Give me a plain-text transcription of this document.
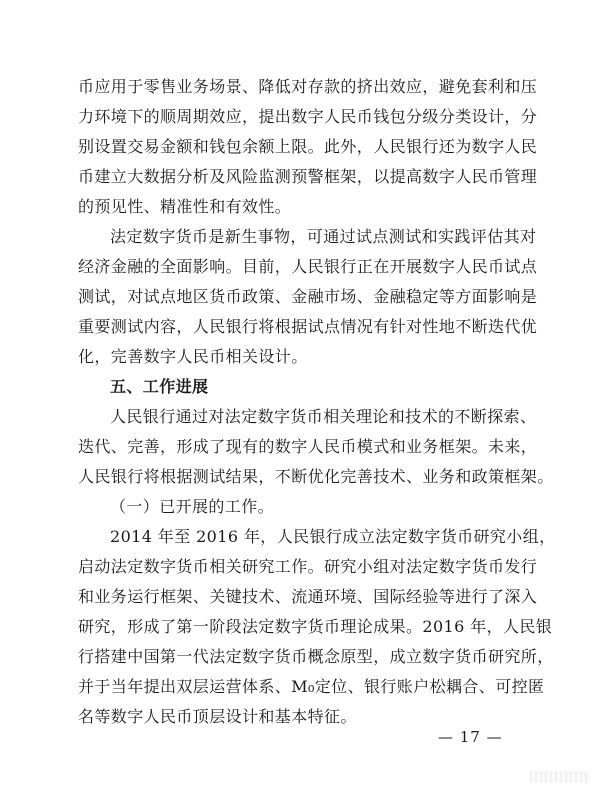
币应用于零售业务场景、降低对存款的挤出效应，避免套利和压
力环境下的顺周期效应，提出数字人民币钱包分级分类设计，分
别设置交易金额和钱包余额上限。此外，人民银行还为数字人民
币建立大数据分析及风险监测预警框架，以提高数字人民币管理
的预见性、精准性和有效性。
法定数字货币是新生事物，可通过试点测试和实践评估其对
经济金融的全面影响。目前，人民银行正在开展数字人民币试点
测试，对试点地区货币政策、金融市场、金融稳定等方面影响是
重要测试内容，人民银行将根据试点情况有针对性地不断迭代优
化，完善数字人民币相关设计。
五、工作进展
人民银行通过对法定数字货币相关理论和技术的不断探索、
迭代、完善，形成了现有的数字人民币模式和业务框架。未来，
人民银行将根据测试结果，不断优化完善技术、业务和政策框架。
（一）已开展的工作。
2014 年至 2016 年，人民银行成立法定数字货币研究小组，
启动法定数字货币相关研究工作。研究小组对法定数字货币发行
和业务运行框架、关键技术、流通环境、国际经验等进行了深入
研究，形成了第一阶段法定数字货币理论成果。2016 年，人民银
行搭建中国第一代法定数字货币概念原型，成立数字货币研究所，
并于当年提出双层运营体系、M₀定位、银行账户松耦合、可控匿
名等数字人民币顶层设计和基本特征。
— 17 —
